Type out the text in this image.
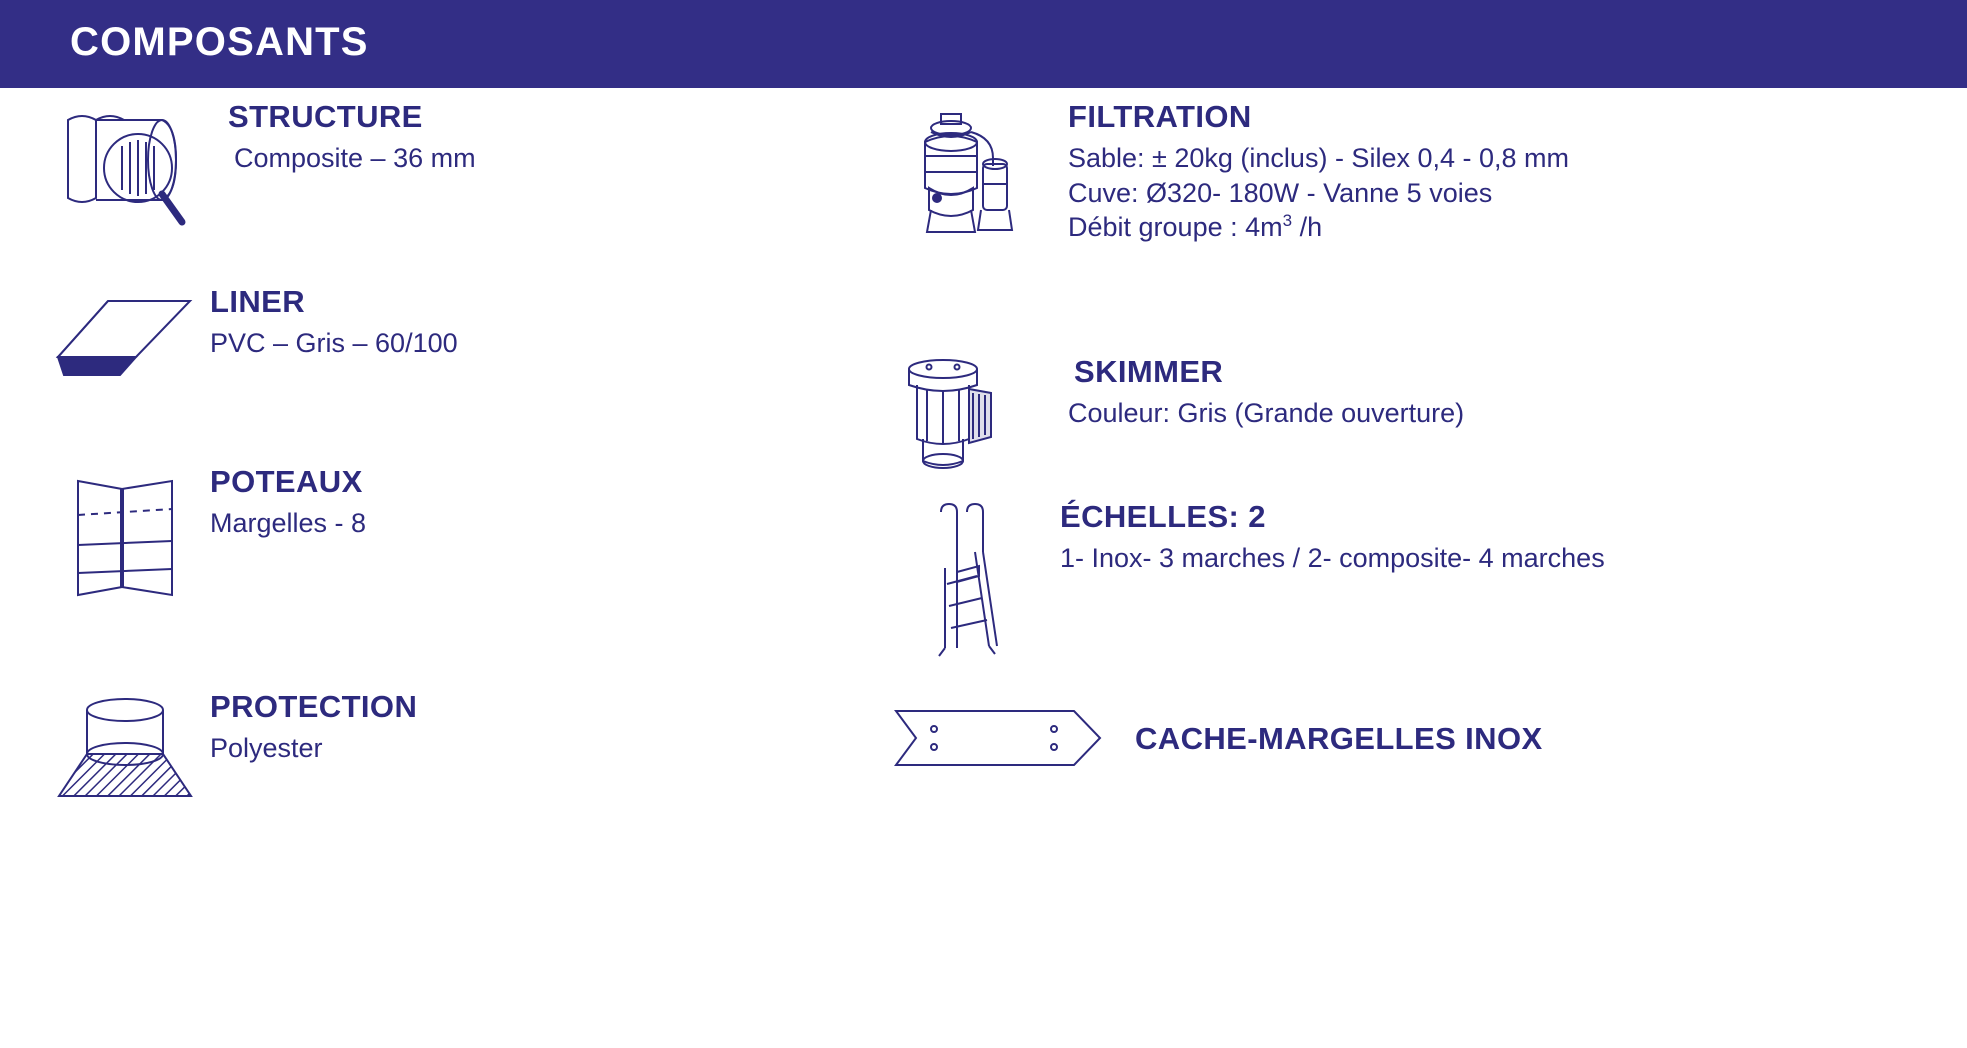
COMPOSANTS
STRUCTURE
Composite – 36 mm
LINER
PVC – Gris – 60/100
POTEAUX
Margelles - 8
PROTECTION
Polyester
FILTRATION
Sable: ± 20kg (inclus) - Silex 0,4 - 0,8 mm
Cuve: Ø320- 180W - Vanne 5 voies
Débit groupe : $4m^3$ /h
SKIMMER
Couleur: Gris (Grande ouverture)
ÉCHELLES: 2
1- Inox- 3 marches / 2- composite- 4 marches
CACHE-MARGELLES INOX
